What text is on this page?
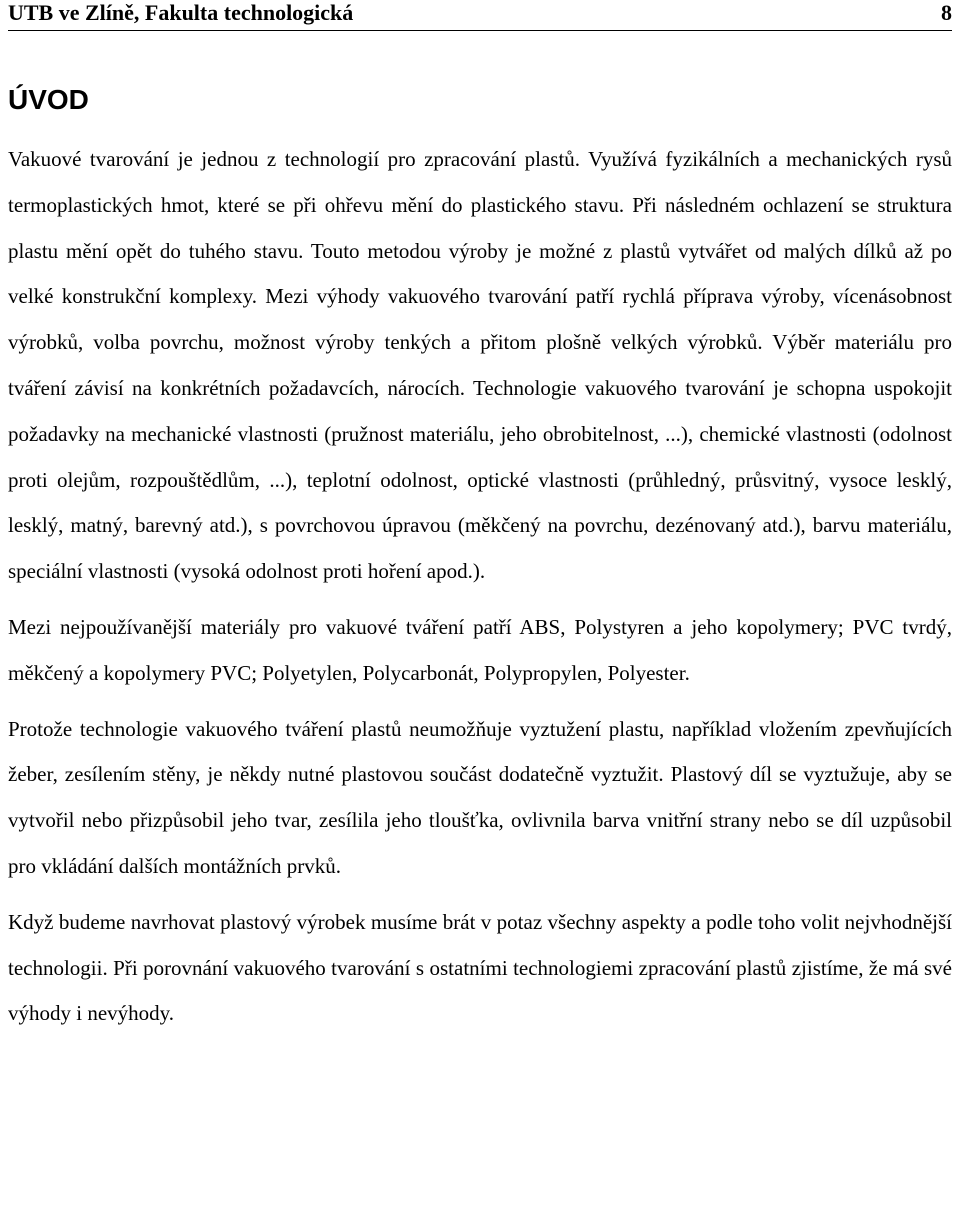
UTB ve Zlíně, Fakulta technologická	8
ÚVOD

Vakuové tvarování je jednou z technologií pro zpracování plastů. Využívá fyzikálních a mechanických rysů termoplastických hmot, které se při ohřevu mění do plastického stavu. Při následném ochlazení se struktura plastu mění opět do tuhého stavu. Touto metodou výroby je možné z plastů vytvářet od malých dílků až po velké konstrukční komplexy. Mezi výhody vakuového tvarování patří rychlá příprava výroby, vícenásobnost výrobků, volba povrchu, možnost výroby tenkých a přitom plošně velkých výrobků. Výběr materiálu pro tváření závisí na konkrétních požadavcích, nárocích. Technologie vakuového tvarování je schopna uspokojit požadavky na mechanické vlastnosti (pružnost materiálu, jeho obrobitelnost, ...), chemické vlastnosti (odolnost proti olejům, rozpouštědlům, ...), teplotní odolnost, optické vlastnosti (průhledný, průsvitný, vysoce lesklý, lesklý, matný, barevný atd.), s povrchovou úpravou (měkčený na povrchu, dezénovaný atd.), barvu materiálu, speciální vlastnosti (vysoká odolnost proti hoření apod.).

Mezi nejpoužívanější materiály pro vakuové tváření patří ABS, Polystyren a jeho kopolymery; PVC tvrdý, měkčený a kopolymery PVC; Polyetylen, Polycarbonát, Polypropylen, Polyester.

Protože technologie vakuového tváření plastů neumožňuje vyztužení plastu, například vložením zpevňujících žeber, zesílením stěny, je někdy nutné plastovou součást dodatečně vyztužit. Plastový díl se vyztužuje, aby se vytvořil nebo přizpůsobil jeho tvar, zesílila jeho tloušťka, ovlivnila barva vnitřní strany nebo se díl uzpůsobil pro vkládání dalších montážních prvků.

Když budeme navrhovat plastový výrobek musíme brát v potaz všechny aspekty a podle toho volit nejvhodnější technologii. Při porovnání vakuového tvarování s ostatními technologiemi zpracování plastů zjistíme, že má své výhody i nevýhody.
